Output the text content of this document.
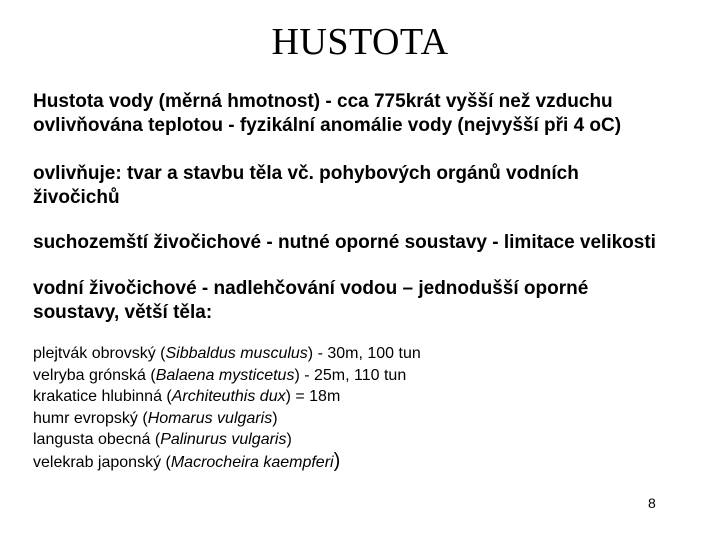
HUSTOTA
Hustota vody (měrná hmotnost) - cca 775krát vyšší než vzduchu
ovlivňována teplotou - fyzikální anomálie vody (nejvyšší při 4 oC)
ovlivňuje: tvar a stavbu těla vč. pohybových orgánů vodních
živočichů
suchozemští živočichové - nutné oporné soustavy - limitace velikosti
vodní živočichové - nadlehčování vodou – jednodušší oporné
soustavy, větší těla:
plejtvák obrovský (Sibbaldus musculus) - 30m, 100 tun
velryba grónská (Balaena mysticetus) - 25m, 110 tun
krakatice hlubinná (Architeuthis dux) = 18m
humr evropský (Homarus vulgaris)
langusta obecná (Palinurus vulgaris)
velekrab japonský (Macrocheira kaempferi)
8
